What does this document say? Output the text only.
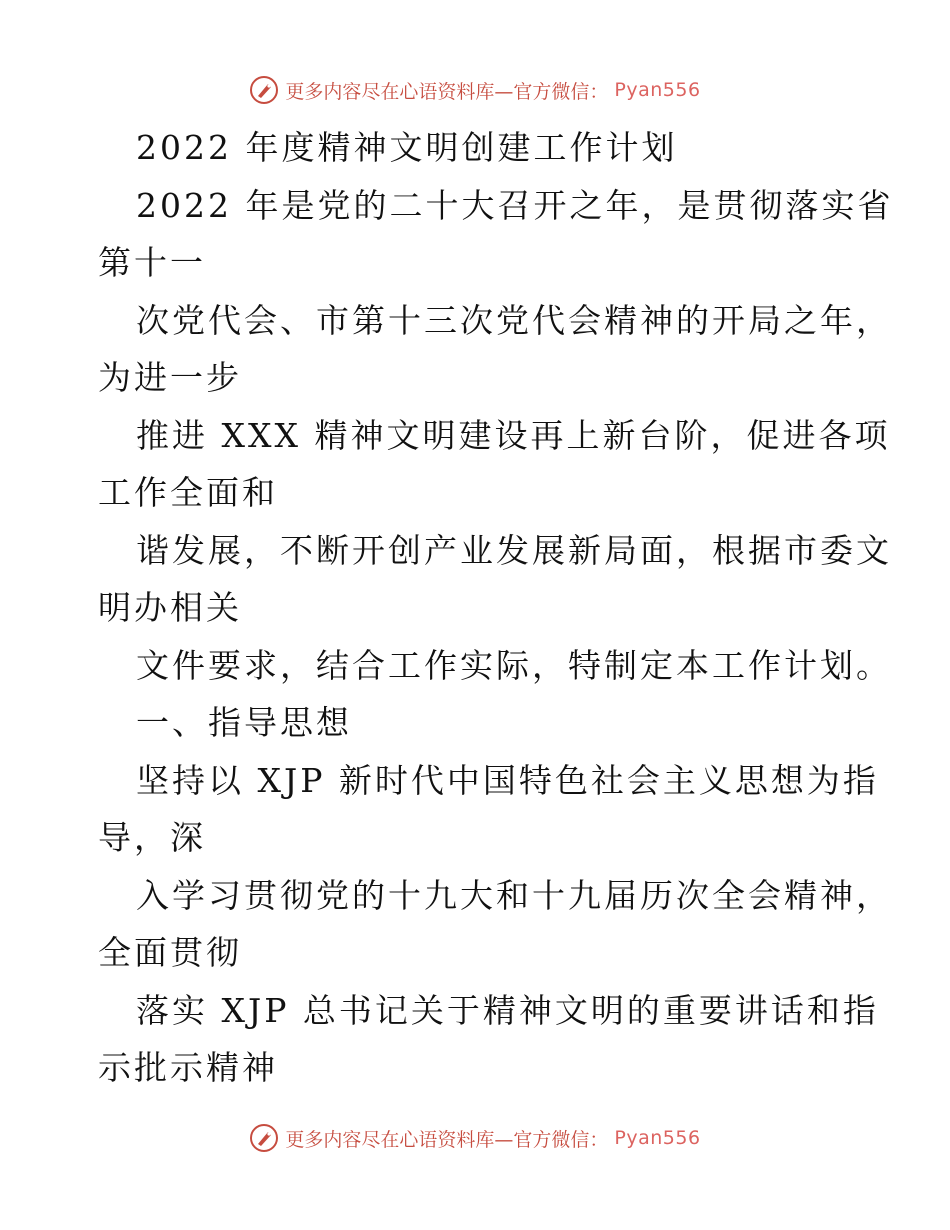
更多内容尽在心语资料库—官方微信： Pyan556
2022 年度精神文明创建工作计划
2022 年是党的二十大召开之年，是贯彻落实省
第十一
次党代会、市第十三次党代会精神的开局之年，
为进一步
推进 XXX 精神文明建设再上新台阶，促进各项
工作全面和
谐发展，不断开创产业发展新局面，根据市委文
明办相关
文件要求，结合工作实际，特制定本工作计划。
一、指导思想
坚持以 XJP 新时代中国特色社会主义思想为指
导，深
入学习贯彻党的十九大和十九届历次全会精神，
全面贯彻
落实 XJP 总书记关于精神文明的重要讲话和指
示批示精神
更多内容尽在心语资料库—官方微信： Pyan556
